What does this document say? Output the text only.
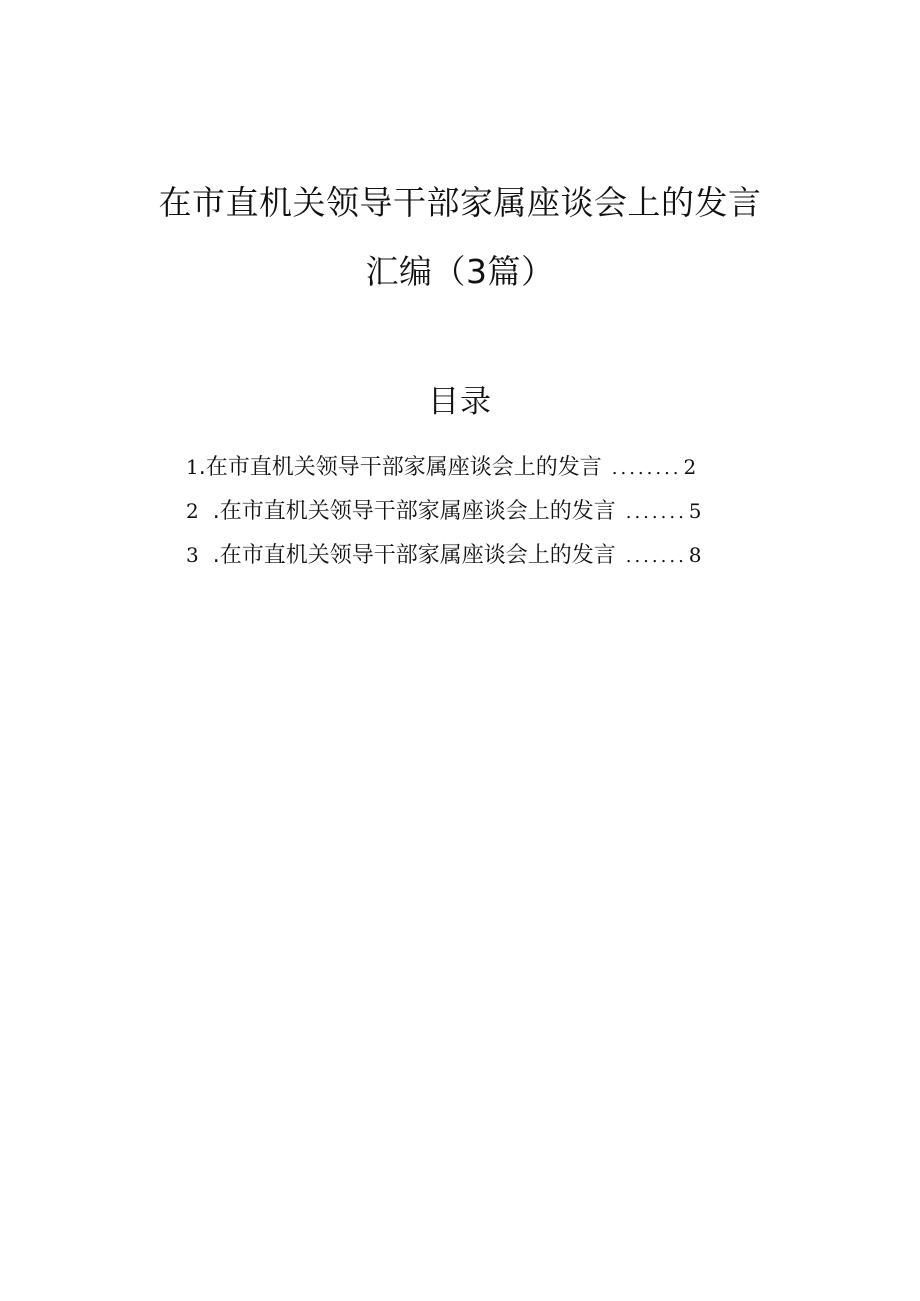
在市直机关领导干部家属座谈会上的发言
汇编（3篇）
目录
1 . 在市直机关领导干部家属座谈会上的发言 ........ 2
2 . 在市直机关领导干部家属座谈会上的发言 ....... 5
3 . 在市直机关领导干部家属座谈会上的发言 ....... 8
